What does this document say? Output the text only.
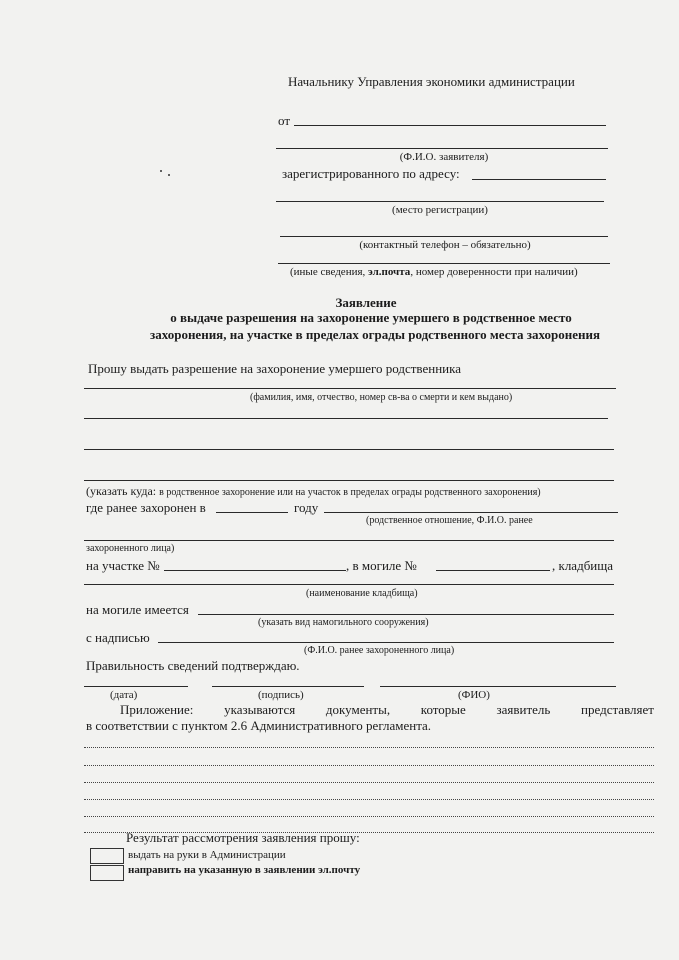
Начальнику Управления экономики администрации
от
(Ф.И.О. заявителя)
зарегистрированного по адресу:
(место регистрации)
(контактный телефон – обязательно)
(иные сведения, эл.почта, номер доверенности при наличии)
Заявление
о выдаче разрешения на захоронение умершего в родственное место
захоронения, на участке в пределах ограды родственного места захоронения
Прошу выдать разрешение на захоронение умершего родственника
(фамилия, имя, отчество, номер св-ва о смерти и кем выдано)
(указать куда: в родственное захоронение или на участок в пределах ограды родственного захоронения)
где ранее захоронен в	году
(родственное отношение, Ф.И.О. ранее
захороненного лица)
на участке №	, в могиле №	, кладбища
(наименование кладбища)
на могиле имеется
(указать вид намогильного сооружения)
с надписью
(Ф.И.О. ранее захороненного лица)
Правильность сведений подтверждаю.
(дата)	(подпись)	(ФИО)
Приложение: указываются документы, которые заявитель представляет
в соответствии с пунктом 2.6 Административного регламента.
Результат рассмотрения заявления прошу:
выдать на руки в Администрации
направить на указанную в заявлении эл.почту
